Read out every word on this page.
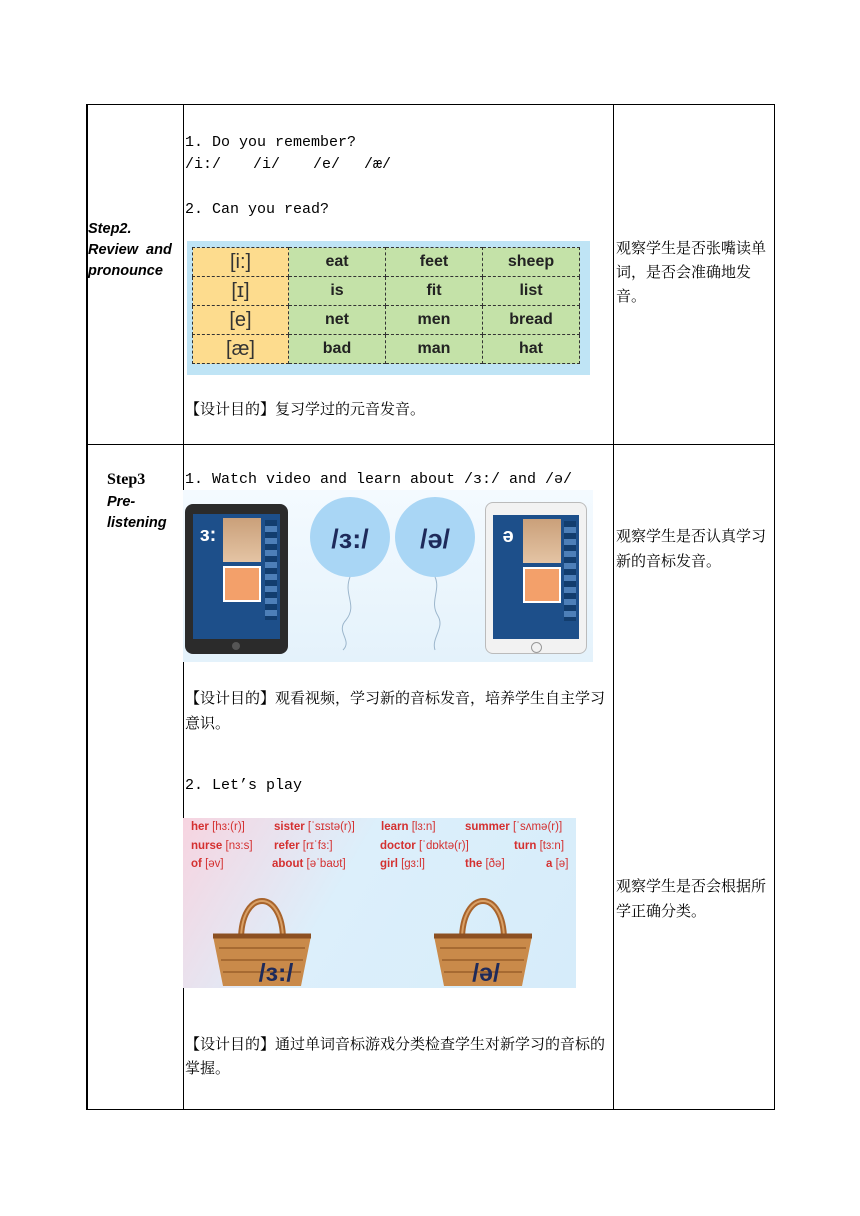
Step2.
Review  and
pronounce
1. Do you remember?
/i:/ /i/ /e/ /æ/
2. Can you read?
[i:]	eat	feet	sheep
[ɪ]	is	fit	list
[e]	net	men	bread
[æ]	bad	man	hat
【设计目的】复习学过的元音发音。
观察学生是否张嘴读单词，是否会准确地发音。
Step3
Pre-
listening
1. Watch video and learn about /ɜ:/ and /ə/
ɜ:	/ɜ:/ /ə/	ə
【设计目的】观看视频，学习新的音标发音，培养学生自主学习意识。
2. Let’s play
her [hɜ:(r)]	sister [ˈsɪstə(r)] learn [lɜ:n]	summer [ˈsʌmə(r)]
nurse [nɜ:s] refer [rɪˈfɜ:]	doctor [ˈdɒktə(r)]	turn [tɜ:n]
of [əv]	about [əˈbaʊt]	girl [gɜ:l]	the [ðə]	a [ə]
/ɜ:/	/ə/
【设计目的】通过单词音标游戏分类检查学生对新学习的音标的掌握。
观察学生是否认真学习新的音标发音。
观察学生是否会根据所学正确分类。
